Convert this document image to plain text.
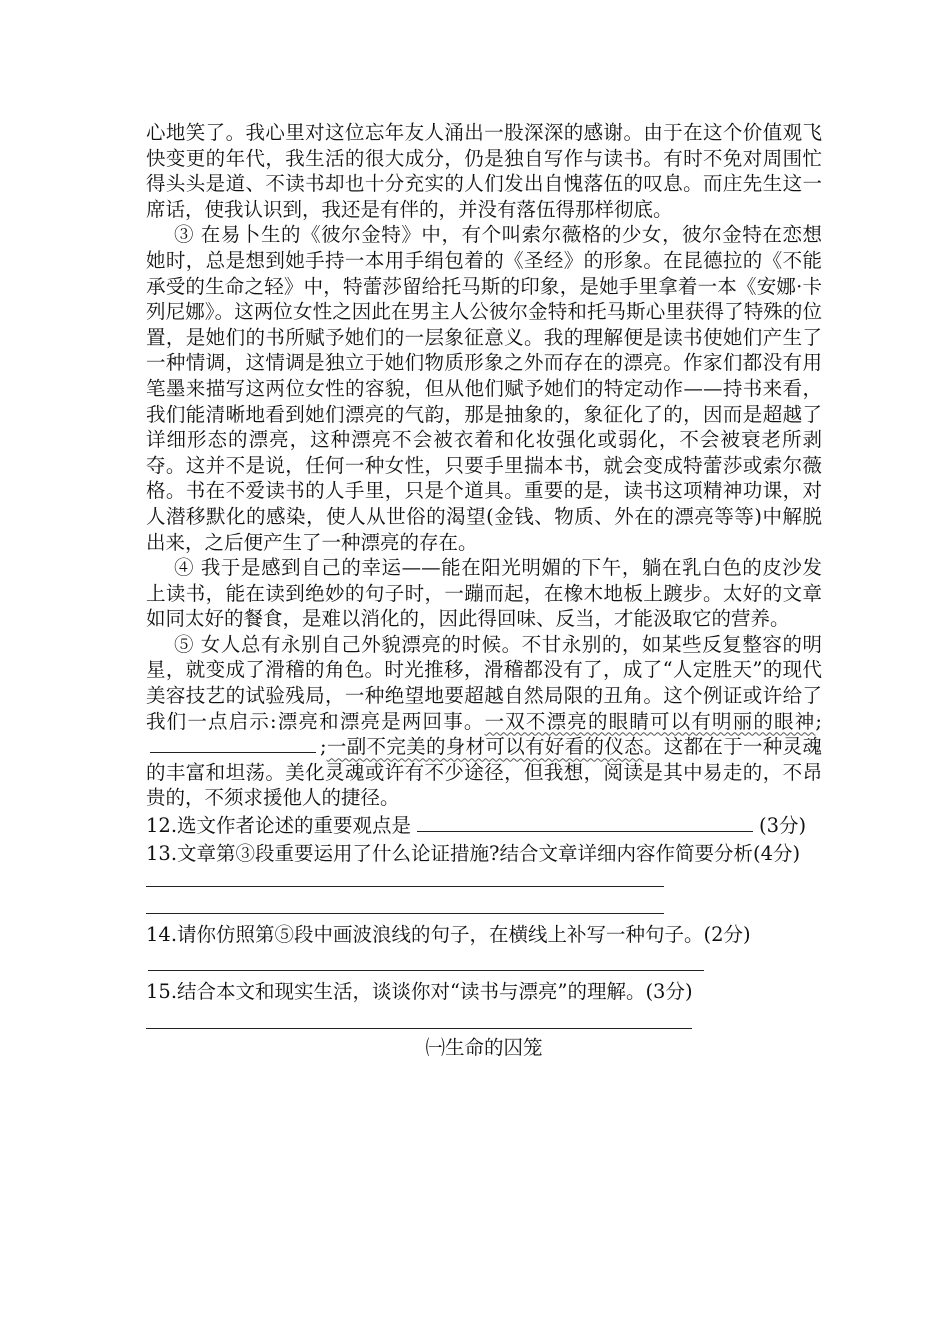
心地笑了。我心里对这位忘年友人涌出一股深深的感谢。由于在这个价值观飞快变更的年代，我生活的很大成分，仍是独自写作与读书。有时不免对周围忙得头头是道、不读书却也十分充实的人们发出自愧落伍的叹息。而庄先生这一席话，使我认识到，我还是有伴的，并没有落伍得那样彻底。

③ 在易卜生的《彼尔金特》中，有个叫索尔薇格的少女，彼尔金特在恋想她时，总是想到她手持一本用手绢包着的《圣经》的形象。在昆德拉的《不能承受的生命之轻》中，特蕾莎留给托马斯的印象，是她手里拿着一本《安娜·卡列尼娜》。这两位女性之因此在男主人公彼尔金特和托马斯心里获得了特殊的位置，是她们的书所赋予她们的一层象征意义。我的理解便是读书使她们产生了一种情调，这情调是独立于她们物质形象之外而存在的漂亮。作家们都没有用笔墨来描写这两位女性的容貌，但从他们赋予她们的特定动作——持书来看，我们能清晰地看到她们漂亮的气韵，那是抽象的，象征化了的，因而是超越了详细形态的漂亮，这种漂亮不会被衣着和化妆强化或弱化，不会被衰老所剥夺。这并不是说，任何一种女性，只要手里揣本书，就会变成特蕾莎或索尔薇格。书在不爱读书的人手里，只是个道具。重要的是，读书这项精神功课，对人潜移默化的感染，使人从世俗的渴望(金钱、物质、外在的漂亮等等)中解脱出来，之后便产生了一种漂亮的存在。

④ 我于是感到自己的幸运——能在阳光明媚的下午，躺在乳白色的皮沙发上读书，能在读到绝妙的句子时，一蹦而起，在橡木地板上踱步。太好的文章如同太好的餐食，是难以消化的，因此得回味、反当，才能汲取它的营养。

⑤ 女人总有永别自己外貌漂亮的时候。不甘永别的，如某些反复整容的明星，就变成了滑稽的角色。时光推移，滑稽都没有了，成了“人定胜天”的现代美容技艺的试验残局，一种绝望地要超越自然局限的丑角。这个例证或许给了我们一点启示:漂亮和漂亮是两回事。一双不漂亮的眼睛可以有明丽的眼神;;一副不完美的身材可以有好看的仪态。这都在于一种灵魂的丰富和坦荡。美化灵魂或许有不少途径，但我想，阅读是其中易走的，不昂贵的，不须求援他人的捷径。

12.选文作者论述的重要观点是	(3分)

13.文章第③段重要运用了什么论证措施?结合文章详细内容作简要分析(4分)

14.请你仿照第⑤段中画波浪线的句子，在横线上补写一种句子。(2分)

15.结合本文和现实生活，谈谈你对“读书与漂亮”的理解。(3分)

㈠生命的囚笼
